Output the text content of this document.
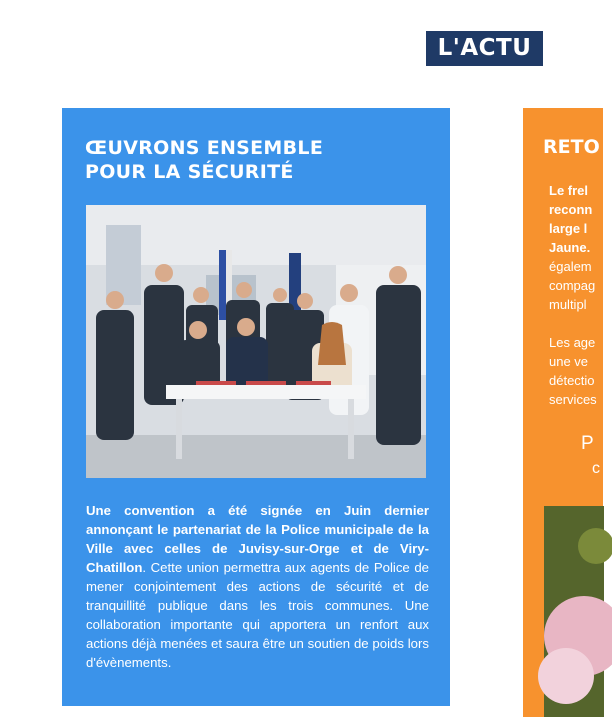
L'ACTU
ŒUVRONS ENSEMBLE
POUR LA SÉCURITÉ
Une convention a été signée en Juin dernier annonçant le partenariat de la Police municipale de la Ville avec celles de Juvisy-sur-Orge et de Viry-Chatillon. Cette union permettra aux agents de Police de mener conjointement des actions de sécurité et de tranquillité publique dans les trois communes. Une collaboration importante qui apportera un renfort aux actions déjà menées et saura être un soutien de poids lors d'évènements.
RETO
Le frel
reconn
large l
Jaune.
égalem
compag
multipl
Les age
une ve
détectio
services
P
c
